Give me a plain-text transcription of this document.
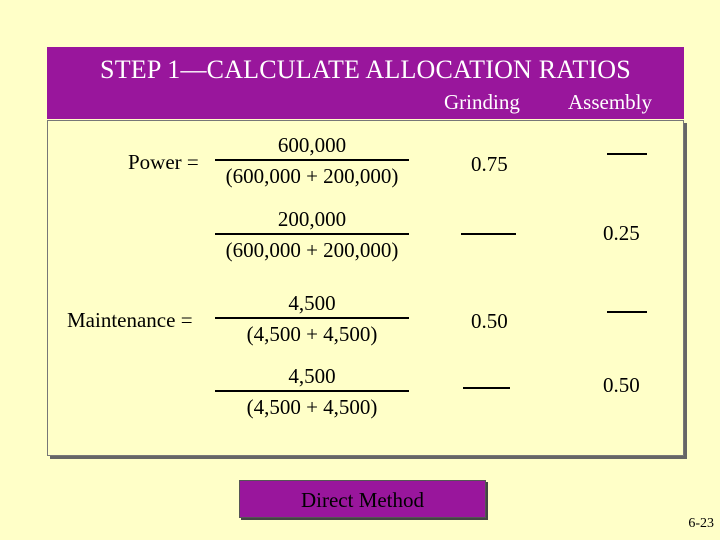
STEP 1—CALCULATE ALLOCATION RATIOS
Grinding Assembly
Power =
600,000
(600,000 + 200,000)	0.75
200,000
(600,000 + 200,000)
0.25
Maintenance =
4,500
(4,500 + 4,500)
0.50
4,500
(4,500 + 4,500)
0.50
Direct Method
6-23
